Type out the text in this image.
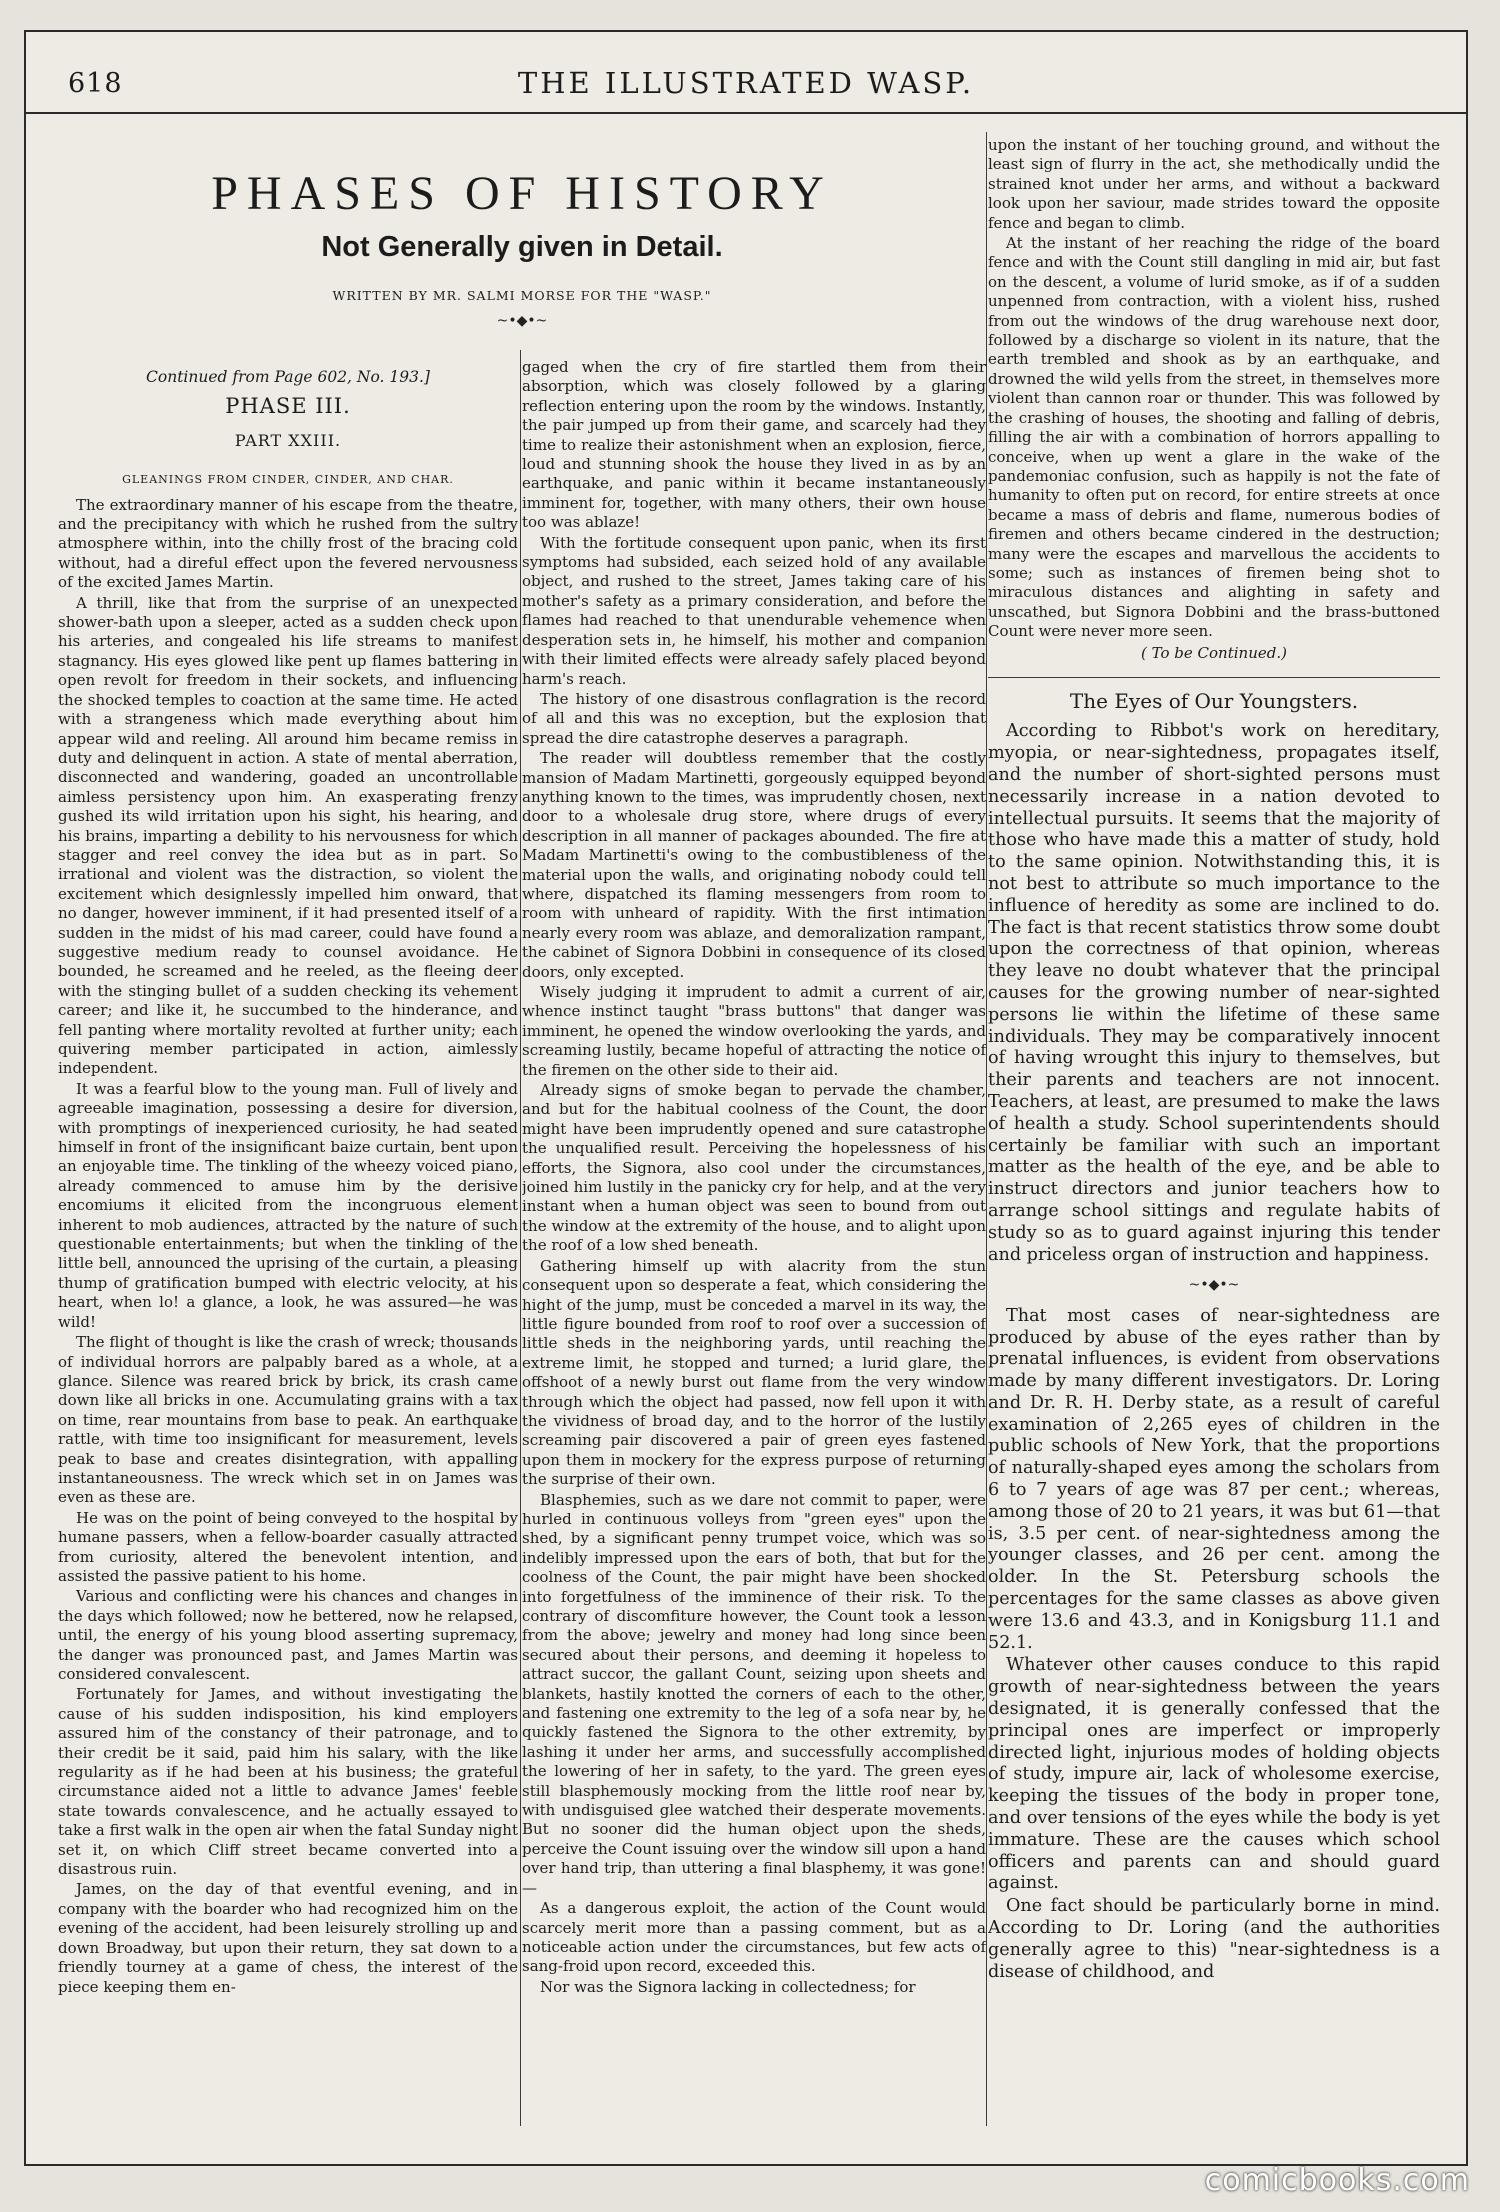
618	THE ILLUSTRATED WASP.
PHASES OF HISTORY
Not Generally given in Detail.
WRITTEN BY MR. SALMI MORSE FOR THE "WASP."
~•◆•~
Continued from Page 602, No. 193.]
PHASE III.
PART XXIII.
GLEANINGS FROM CINDER, CINDER, AND CHAR.

The extraordinary manner of his escape from the theatre, and the precipitancy with which he rushed from the sultry atmosphere within, into the chilly frost of the bracing cold without, had a direful effect upon the fevered nervousness of the excited James Martin.

A thrill, like that from the surprise of an unexpected shower-bath upon a sleeper, acted as a sudden check upon his arteries, and congealed his life streams to manifest stagnancy. His eyes glowed like pent up flames battering in open revolt for freedom in their sockets, and influencing the shocked temples to coaction at the same time. He acted with a strangeness which made everything about him appear wild and reeling. All around him became remiss in duty and delinquent in action. A state of mental aberration, disconnected and wandering, goaded an uncontrollable aimless persistency upon him. An exasperating frenzy gushed its wild irritation upon his sight, his hearing, and his brains, imparting a debility to his nervousness for which stagger and reel convey the idea but as in part. So irrational and violent was the distraction, so violent the excitement which designlessly impelled him onward, that no danger, however imminent, if it had presented itself of a sudden in the midst of his mad career, could have found a suggestive medium ready to counsel avoidance. He bounded, he screamed and he reeled, as the fleeing deer with the stinging bullet of a sudden checking its vehement career; and like it, he succumbed to the hinderance, and fell panting where mortality revolted at further unity; each quivering member participated in action, aimlessly independent.

It was a fearful blow to the young man. Full of lively and agreeable imagination, possessing a desire for diversion, with promptings of inexperienced curiosity, he had seated himself in front of the insignificant baize curtain, bent upon an enjoyable time. The tinkling of the wheezy voiced piano, already commenced to amuse him by the derisive encomiums it elicited from the incongruous element inherent to mob audiences, attracted by the nature of such questionable entertainments; but when the tinkling of the little bell, announced the uprising of the curtain, a pleasing thump of gratification bumped with electric velocity, at his heart, when lo! a glance, a look, he was assured—he was wild!

The flight of thought is like the crash of wreck; thousands of individual horrors are palpably bared as a whole, at a glance. Silence was reared brick by brick, its crash came down like all bricks in one. Accumulating grains with a tax on time, rear mountains from base to peak. An earthquake rattle, with time too insignificant for measurement, levels peak to base and creates disintegration, with appalling instantaneousness. The wreck which set in on James was even as these are.

He was on the point of being conveyed to the hospital by humane passers, when a fellow-boarder casually attracted from curiosity, altered the benevolent intention, and assisted the passive patient to his home.

Various and conflicting were his chances and changes in the days which followed; now he bettered, now he relapsed, until, the energy of his young blood asserting supremacy, the danger was pronounced past, and James Martin was considered convalescent.

Fortunately for James, and without investigating the cause of his sudden indisposition, his kind employers assured him of the constancy of their patronage, and to their credit be it said, paid him his salary, with the like regularity as if he had been at his business; the grateful circumstance aided not a little to advance James' feeble state towards convalescence, and he actually essayed to take a first walk in the open air when the fatal Sunday night set it, on which Cliff street became converted into a disastrous ruin.

James, on the day of that eventful evening, and in company with the boarder who had recognized him on the evening of the accident, had been leisurely strolling up and down Broadway, but upon their return, they sat down to a friendly tourney at a game of chess, the interest of the piece keeping them en-

gaged when the cry of fire startled them from their absorption, which was closely followed by a glaring reflection entering upon the room by the windows. Instantly, the pair jumped up from their game, and scarcely had they time to realize their astonishment when an explosion, fierce, loud and stunning shook the house they lived in as by an earthquake, and panic within it became instantaneously imminent for, together, with many others, their own house too was ablaze!

With the fortitude consequent upon panic, when its first symptoms had subsided, each seized hold of any available object, and rushed to the street, James taking care of his mother's safety as a primary consideration, and before the flames had reached to that unendurable vehemence when desperation sets in, he himself, his mother and companion with their limited effects were already safely placed beyond harm's reach.

The history of one disastrous conflagration is the record of all and this was no exception, but the explosion that spread the dire catastrophe deserves a paragraph.

The reader will doubtless remember that the costly mansion of Madam Martinetti, gorgeously equipped beyond anything known to the times, was imprudently chosen, next door to a wholesale drug store, where drugs of every description in all manner of packages abounded. The fire at Madam Martinetti's owing to the combustibleness of the material upon the walls, and originating nobody could tell where, dispatched its flaming messengers from room to room with unheard of rapidity. With the first intimation nearly every room was ablaze, and demoralization rampant, the cabinet of Signora Dobbini in consequence of its closed doors, only excepted.

Wisely judging it imprudent to admit a current of air, whence instinct taught "brass buttons" that danger was imminent, he opened the window overlooking the yards, and screaming lustily, became hopeful of attracting the notice of the firemen on the other side to their aid.

Already signs of smoke began to pervade the chamber, and but for the habitual coolness of the Count, the door might have been imprudently opened and sure catastrophe the unqualified result. Perceiving the hopelessness of his efforts, the Signora, also cool under the circumstances, joined him lustily in the panicky cry for help, and at the very instant when a human object was seen to bound from out the window at the extremity of the house, and to alight upon the roof of a low shed beneath.

Gathering himself up with alacrity from the stun consequent upon so desperate a feat, which considering the hight of the jump, must be conceded a marvel in its way, the little figure bounded from roof to roof over a succession of little sheds in the neighboring yards, until reaching the extreme limit, he stopped and turned; a lurid glare, the offshoot of a newly burst out flame from the very window through which the object had passed, now fell upon it with the vividness of broad day, and to the horror of the lustily screaming pair discovered a pair of green eyes fastened upon them in mockery for the express purpose of returning the surprise of their own.

Blasphemies, such as we dare not commit to paper, were hurled in continuous volleys from "green eyes" upon the shed, by a significant penny trumpet voice, which was so indelibly impressed upon the ears of both, that but for the coolness of the Count, the pair might have been shocked into forgetfulness of the imminence of their risk. To the contrary of discomfiture however, the Count took a lesson from the above; jewelry and money had long since been secured about their persons, and deeming it hopeless to attract succor, the gallant Count, seizing upon sheets and blankets, hastily knotted the corners of each to the other, and fastening one extremity to the leg of a sofa near by, he quickly fastened the Signora to the other extremity, by lashing it under her arms, and successfully accomplished the lowering of her in safety, to the yard. The green eyes still blasphemously mocking from the little roof near by, with undisguised glee watched their desperate movements. But no sooner did the human object upon the sheds, perceive the Count issuing over the window sill upon a hand over hand trip, than uttering a final blasphemy, it was gone!—

As a dangerous exploit, the action of the Count would scarcely merit more than a passing comment, but as a noticeable action under the circumstances, but few acts of sang-froid upon record, exceeded this.

Nor was the Signora lacking in collectedness; for

upon the instant of her touching ground, and without the least sign of flurry in the act, she methodically undid the strained knot under her arms, and without a backward look upon her saviour, made strides toward the opposite fence and began to climb.

At the instant of her reaching the ridge of the board fence and with the Count still dangling in mid air, but fast on the descent, a volume of lurid smoke, as if of a sudden unpenned from contraction, with a violent hiss, rushed from out the windows of the drug warehouse next door, followed by a discharge so violent in its nature, that the earth trembled and shook as by an earthquake, and drowned the wild yells from the street, in themselves more violent than cannon roar or thunder. This was followed by the crashing of houses, the shooting and falling of debris, filling the air with a combination of horrors appalling to conceive, when up went a glare in the wake of the pandemoniac confusion, such as happily is not the fate of humanity to often put on record, for entire streets at once became a mass of debris and flame, numerous bodies of firemen and others became cindered in the destruction; many were the escapes and marvellous the accidents to some; such as instances of firemen being shot to miraculous distances and alighting in safety and unscathed, but Signora Dobbini and the brass-buttoned Count were never more seen.

( To be Continued.)
The Eyes of Our Youngsters.

According to Ribbot's work on hereditary, myopia, or near-sightedness, propagates itself, and the number of short-sighted persons must necessarily increase in a nation devoted to intellectual pursuits. It seems that the majority of those who have made this a matter of study, hold to the same opinion. Notwithstanding this, it is not best to attribute so much importance to the influence of heredity as some are inclined to do. The fact is that recent statistics throw some doubt upon the correctness of that opinion, whereas they leave no doubt whatever that the principal causes for the growing number of near-sighted persons lie within the lifetime of these same individuals. They may be comparatively innocent of having wrought this injury to themselves, but their parents and teachers are not innocent. Teachers, at least, are presumed to make the laws of health a study. School superintendents should certainly be familiar with such an important matter as the health of the eye, and be able to instruct directors and junior teachers how to arrange school sittings and regulate habits of study so as to guard against injuring this tender and priceless organ of instruction and happiness.

~•◆•~

That most cases of near-sightedness are produced by abuse of the eyes rather than by prenatal influences, is evident from observations made by many different investigators. Dr. Loring and Dr. R. H. Derby state, as a result of careful examination of 2,265 eyes of children in the public schools of New York, that the proportions of naturally-shaped eyes among the scholars from 6 to 7 years of age was 87 per cent.; whereas, among those of 20 to 21 years, it was but 61—that is, 3.5 per cent. of near-sightedness among the younger classes, and 26 per cent. among the older. In the St. Petersburg schools the percentages for the same classes as above given were 13.6 and 43.3, and in Konigsburg 11.1 and 52.1.

Whatever other causes conduce to this rapid growth of near-sightedness between the years designated, it is generally confessed that the principal ones are imperfect or improperly directed light, injurious modes of holding objects of study, impure air, lack of wholesome exercise, keeping the tissues of the body in proper tone, and over tensions of the eyes while the body is yet immature. These are the causes which school officers and parents can and should guard against.

One fact should be particularly borne in mind. According to Dr. Loring (and the authorities generally agree to this) "near-sightedness is a disease of childhood, and

comicbooks.com
